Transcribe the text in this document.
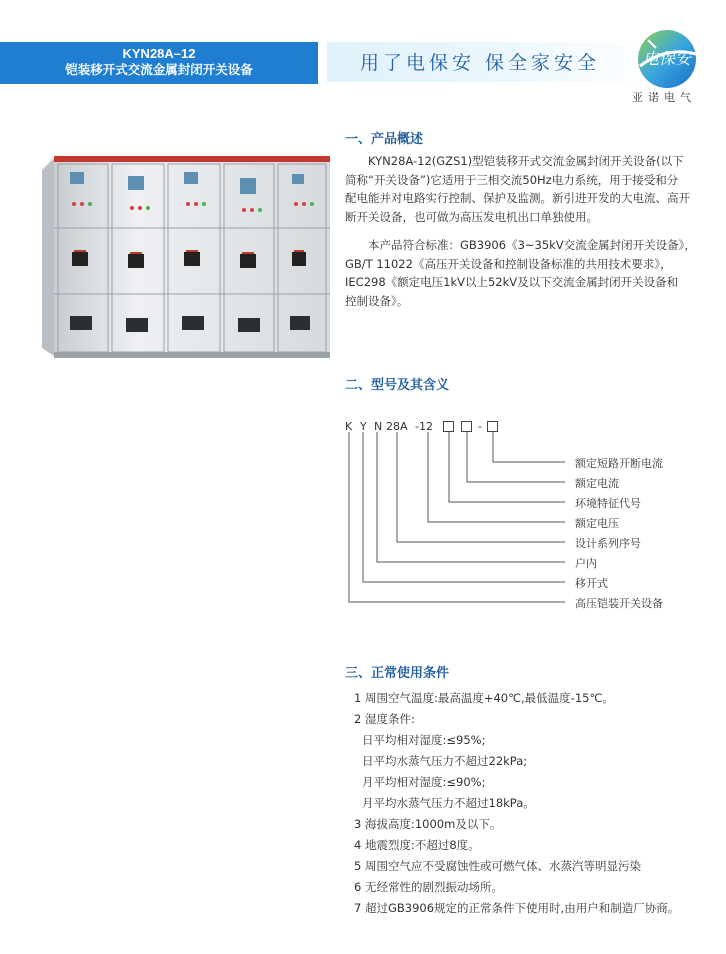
KYN28A–12
铠装移开式交流金属封闭开关设备	用了电保安 保全家安全	电保安
亚诺电气
一、产品概述

KYN28A-12(GZS1)型铠装移开式交流金属封闭开关设备(以下

简称“开关设备”)它适用于三相交流50Hz电力系统，用于接受和分

配电能并对电路实行控制、保护及监测。新引进开发的大电流、高开

断开关设备，也可做为高压发电机出口单独使用。

本产品符合标准：GB3906《3~35kV交流金属封闭开关设备》，

GB/T 11022《高压开关设备和控制设备标准的共用技术要求》，

IEC298《额定电压1kV以上52kV及以下交流金属封闭开关设备和

控制设备》。

二、型号及其含义
K Y N 28A -12	-
额定短路开断电流
额定电流
环境特征代号
额定电压
设计系列序号
户内
移开式
高压铠装开关设备
三、正常使用条件
1 周围空气温度:最高温度+40℃,最低温度-15℃。
2 湿度条件:
日平均相对湿度:≤95%;
日平均水蒸气压力不超过22kPa;
月平均相对湿度:≤90%;
月平均水蒸气压力不超过18kPa。
3 海拔高度:1000m及以下。
4 地震烈度:不超过8度。
5 周围空气应不受腐蚀性或可燃气体、水蒸汽等明显污染
6 无经常性的剧烈振动场所。
7 超过GB3906规定的正常条件下使用时,由用户和制造厂协商。
